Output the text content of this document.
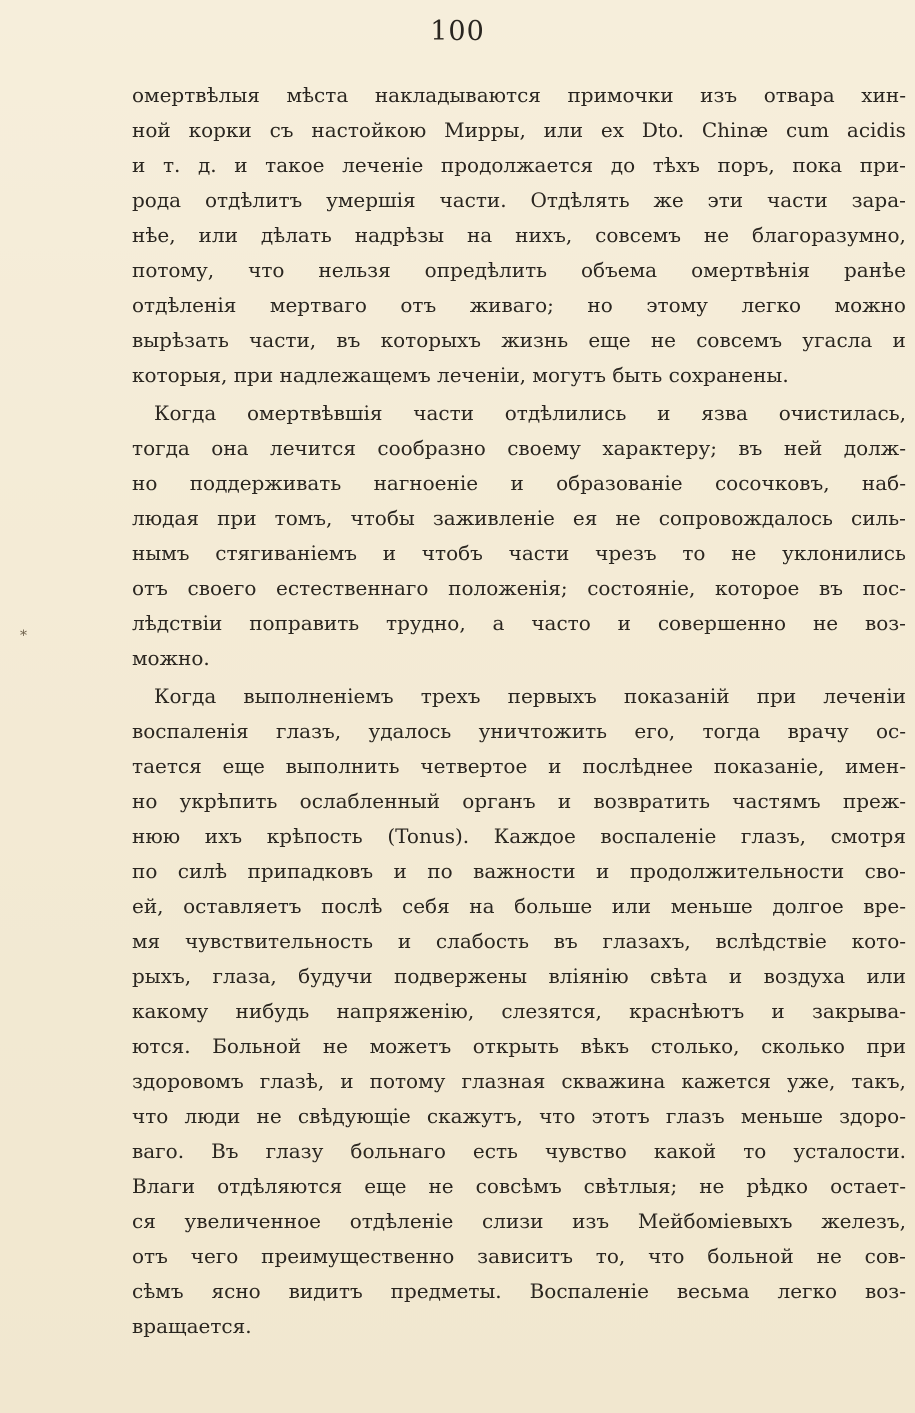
100
*
омертвѣлыя мѣста накладываются примочки изъ отвара хин-
ной корки съ настойкою Мирры, или ex Dto. Chinæ cum acidis
и т. д. и такое леченіе продолжается до тѣхъ поръ, пока при-
рода отдѣлитъ умершія части. Отдѣлять же эти части зара-
нѣе, или дѣлать надрѣзы на нихъ, совсемъ не благоразумно,
потому, что нельзя опредѣлить объема омертвѣнія ранѣе
отдѣленія мертваго отъ живаго; но этому легко можно
вырѣзать части, въ которыхъ жизнь еще не совсемъ угасла и
которыя, при надлежащемъ леченіи, могутъ быть сохранены.
Когда омертвѣвшія части отдѣлились и язва очистилась,
тогда она лечится сообразно своему характеру; въ ней долж-
но поддерживать нагноеніе и образованіе сосочковъ, наб-
людая при томъ, чтобы заживленіе ея не сопровождалось силь-
нымъ стягиваніемъ и чтобъ части чрезъ то не уклонились
отъ своего естественнаго положенія; состояніе, которое въ пос-
лѣдствіи поправить трудно, а часто и совершенно не воз-
можно.
Когда выполненіемъ трехъ первыхъ показаній при леченіи
воспаленія глазъ, удалось уничтожить его, тогда врачу ос-
тается еще выполнить четвертое и послѣднее показаніе, имен-
но укрѣпить ослабленный органъ и возвратить частямъ преж-
нюю ихъ крѣпость (Tonus). Каждое воспаленіе глазъ, смотря
по силѣ припадковъ и по важности и продолжительности сво-
ей, оставляетъ послѣ себя на больше или меньше долгое вре-
мя чувствительность и слабость въ глазахъ, вслѣдствіе кото-
рыхъ, глаза, будучи подвержены вліянію свѣта и воздуха или
какому нибудь напряженію, слезятся, краснѣютъ и закрыва-
ются. Больной не можетъ открыть вѣкъ столько, сколько при
здоровомъ глазѣ, и потому глазная скважина кажется уже, такъ,
что люди не свѣдующіе скажутъ, что этотъ глазъ меньше здоро-
ваго. Въ глазу больнаго есть чувство какой то усталости.
Влаги отдѣляются еще не совсѣмъ свѣтлыя; не рѣдко остает-
ся увеличенное отдѣленіе слизи изъ Мейбоміевыхъ железъ,
отъ чего преимущественно зависитъ то, что больной не сов-
сѣмъ ясно видитъ предметы. Воспаленіе весьма легко воз-
вращается.
